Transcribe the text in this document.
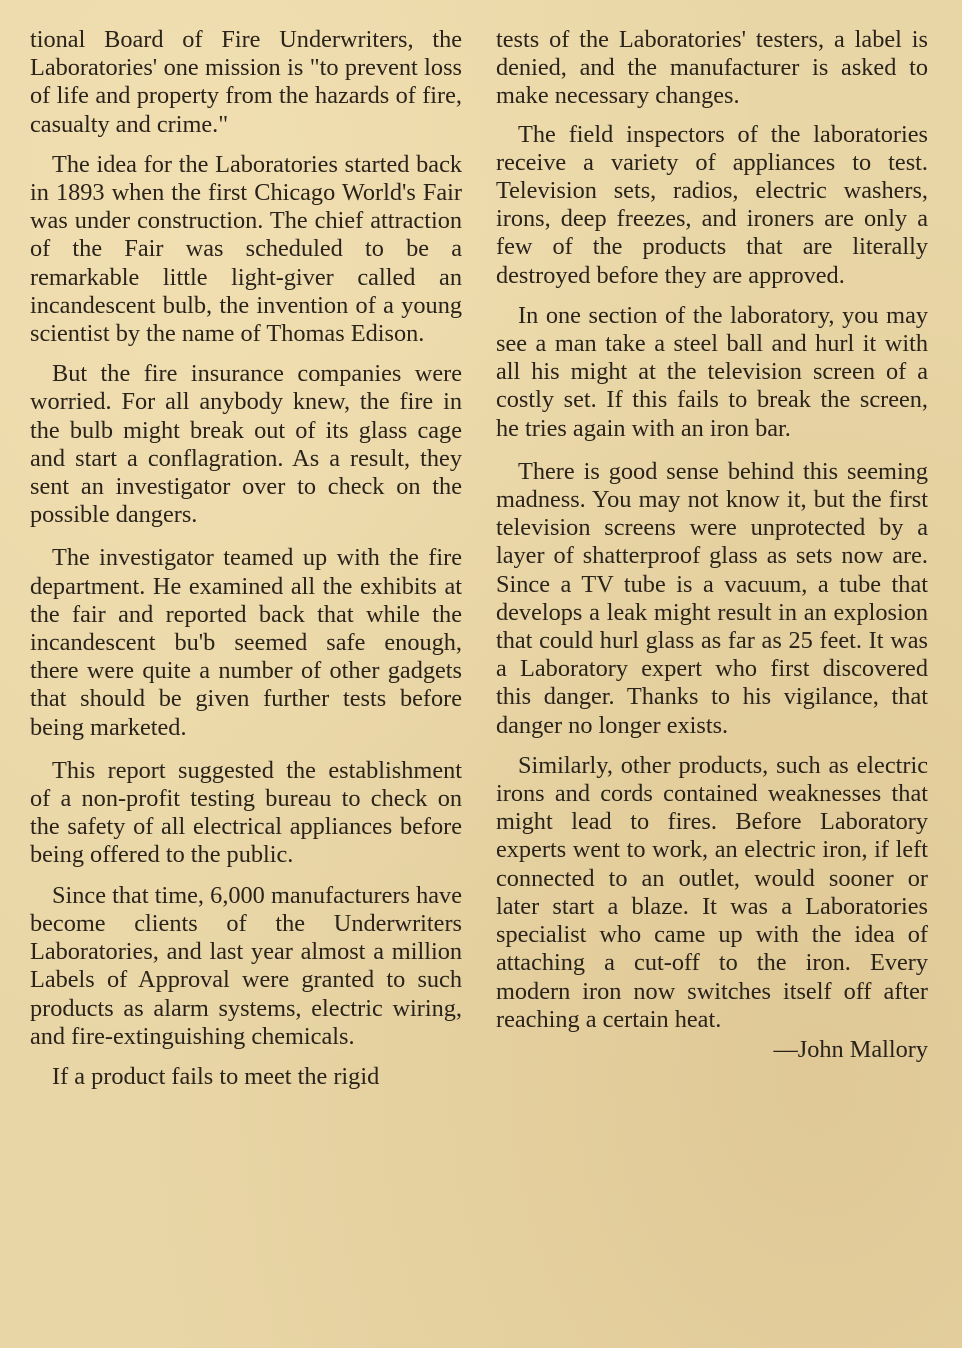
tional Board of Fire Underwriters, the Laboratories' one mission is "to prevent loss of life and property from the hazards of fire, casualty and crime."

The idea for the Laboratories started back in 1893 when the first Chicago World's Fair was under construction. The chief attraction of the Fair was scheduled to be a remarkable little light-giver called an incandescent bulb, the invention of a young scientist by the name of Thomas Edison.

But the fire insurance companies were worried. For all anybody knew, the fire in the bulb might break out of its glass cage and start a conflagration. As a result, they sent an investigator over to check on the possible dangers.

The investigator teamed up with the fire department. He examined all the exhibits at the fair and reported back that while the incandescent bu'b seemed safe enough, there were quite a number of other gadgets that should be given further tests before being marketed.

This report suggested the establishment of a non-profit testing bureau to check on the safety of all electrical appliances before being offered to the public.

Since that time, 6,000 manufacturers have become clients of the Underwriters Laboratories, and last year almost a million Labels of Approval were granted to such products as alarm systems, electric wiring, and fire-extinguishing chemicals.

If a product fails to meet the rigid

tests of the Laboratories' testers, a label is denied, and the manufacturer is asked to make necessary changes.

The field inspectors of the laboratories receive a variety of appliances to test. Television sets, radios, electric washers, irons, deep freezes, and ironers are only a few of the products that are literally destroyed before they are approved.

In one section of the laboratory, you may see a man take a steel ball and hurl it with all his might at the television screen of a costly set. If this fails to break the screen, he tries again with an iron bar.

There is good sense behind this seeming madness. You may not know it, but the first television screens were unprotected by a layer of shatterproof glass as sets now are. Since a TV tube is a vacuum, a tube that develops a leak might result in an explosion that could hurl glass as far as 25 feet. It was a Laboratory expert who first discovered this danger. Thanks to his vigilance, that danger no longer exists.

Similarly, other products, such as electric irons and cords contained weaknesses that might lead to fires. Before Laboratory experts went to work, an electric iron, if left connected to an outlet, would sooner or later start a blaze. It was a Laboratories specialist who came up with the idea of attaching a cut-off to the iron. Every modern iron now switches itself off after reaching a certain heat.

—John Mallory
